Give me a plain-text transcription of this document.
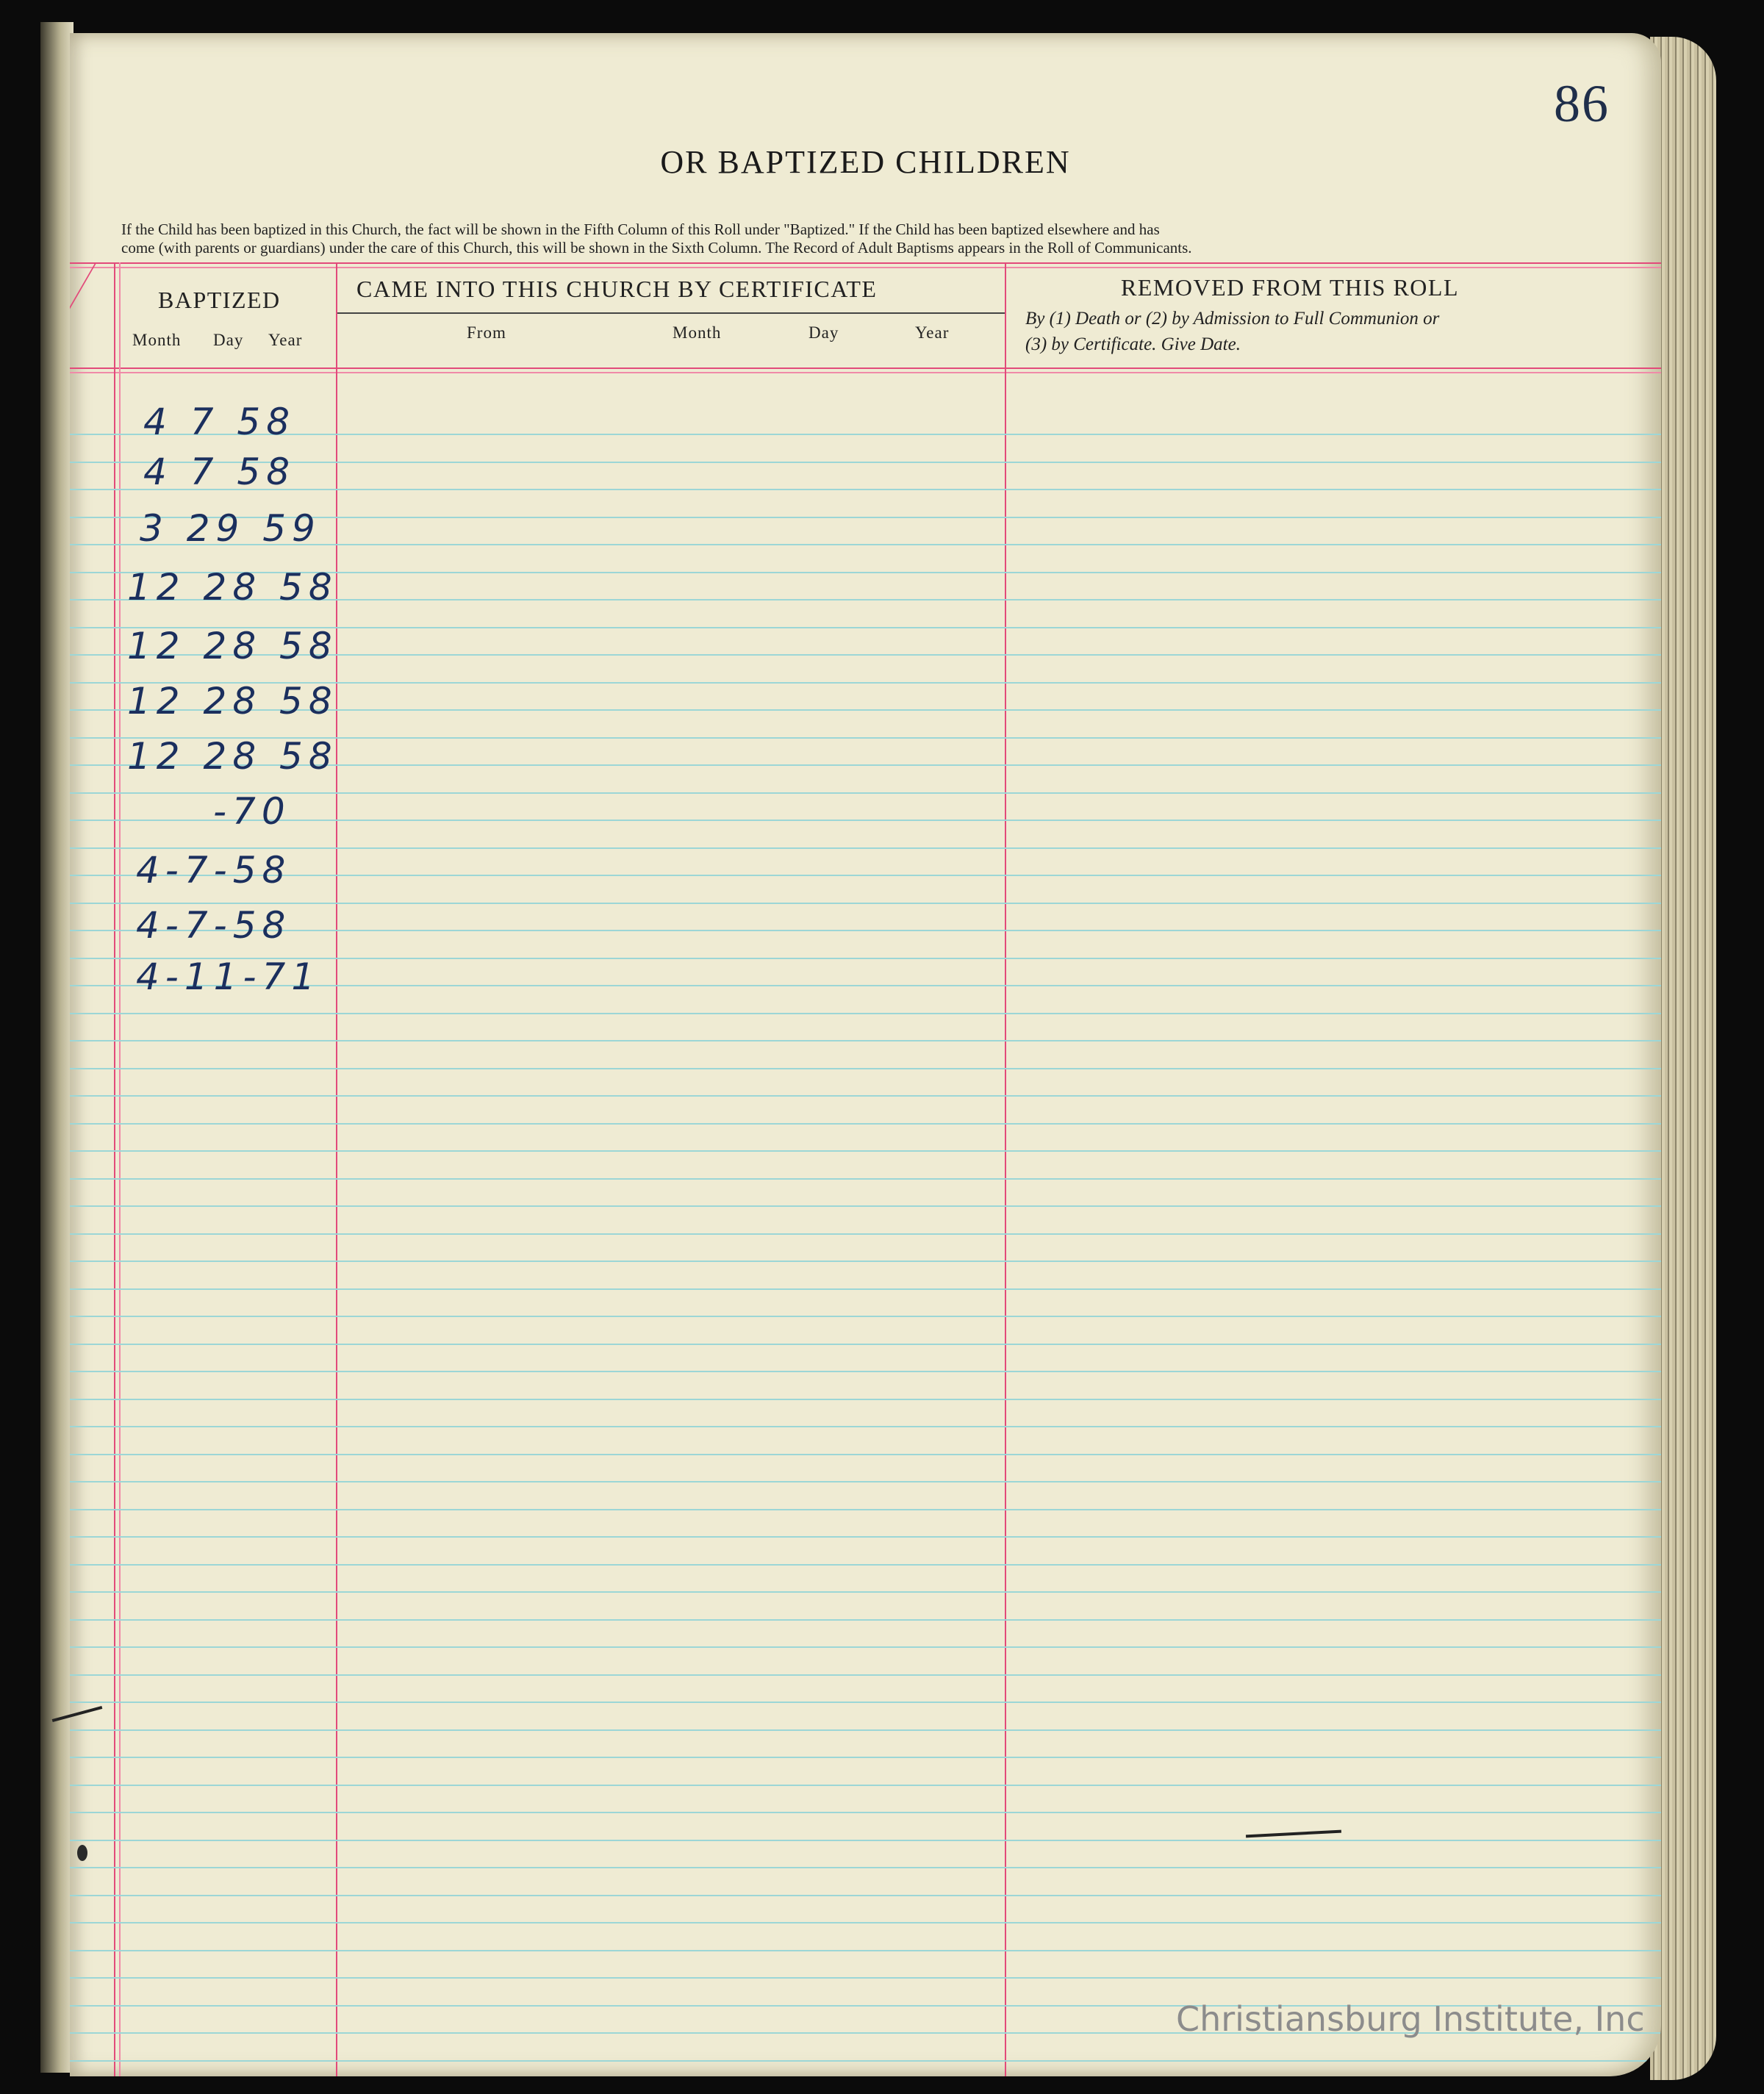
86
OR BAPTIZED CHILDREN
If the Child has been baptized in this Church, the fact will be shown in the Fifth Column of this Roll under "Baptized." If the Child has been baptized elsewhere and has
come (with parents or guardians) under the care of this Church, this will be shown in the Sixth Column. The Record of Adult Baptisms appears in the Roll of Communicants.
BAPTIZED
Month Day Year
CAME INTO THIS CHURCH BY CERTIFICATE
From	Month	Day	Year
REMOVED FROM THIS ROLL
By (1) Death or (2) by Admission to Full Communion or
(3) by Certificate. Give Date.
4 7 58
4 7 58
3 29 59
12 28 58
12 28 58
12 28 58
12 28 58
-70
4-7-58
4-7-58
4-11-71
Christiansburg Institute, Inc
